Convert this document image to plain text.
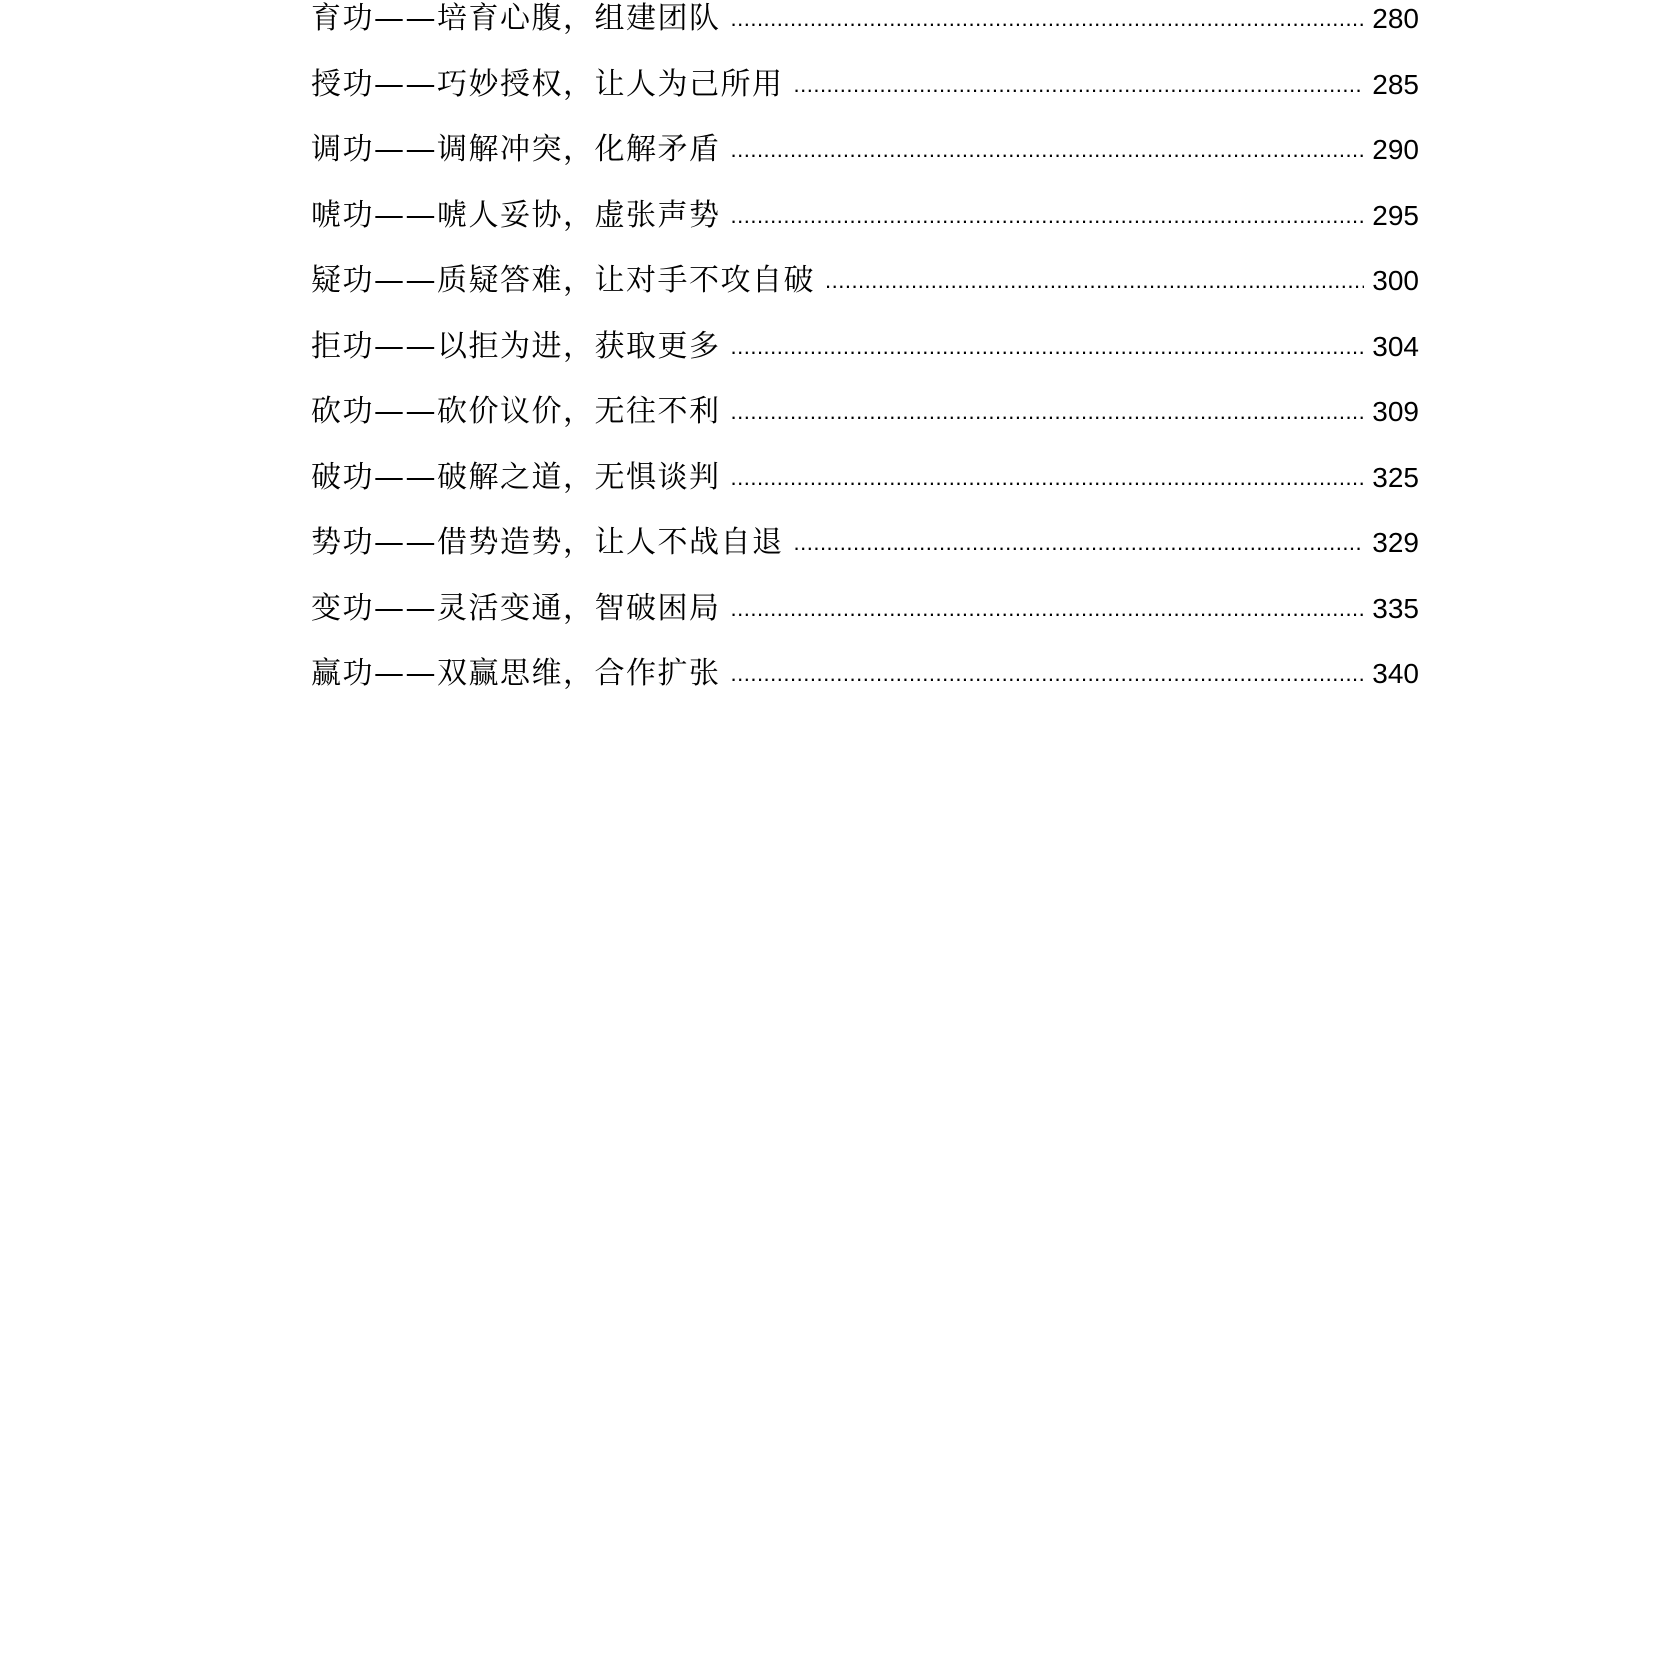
育功——培育心腹，组建团队 .....	280
授功——巧妙授权，让人为己所用 .....	285
调功——调解冲突，化解矛盾 .....	290
唬功——唬人妥协，虚张声势 .....	295
疑功——质疑答难，让对手不攻自破 .....	300
拒功——以拒为进，获取更多 .....	304
砍功——砍价议价，无往不利 .....	309
破功——破解之道，无惧谈判 .....	325
势功——借势造势，让人不战自退 .....	329
变功——灵活变通，智破困局 .....	335
赢功——双赢思维，合作扩张 .....	340
